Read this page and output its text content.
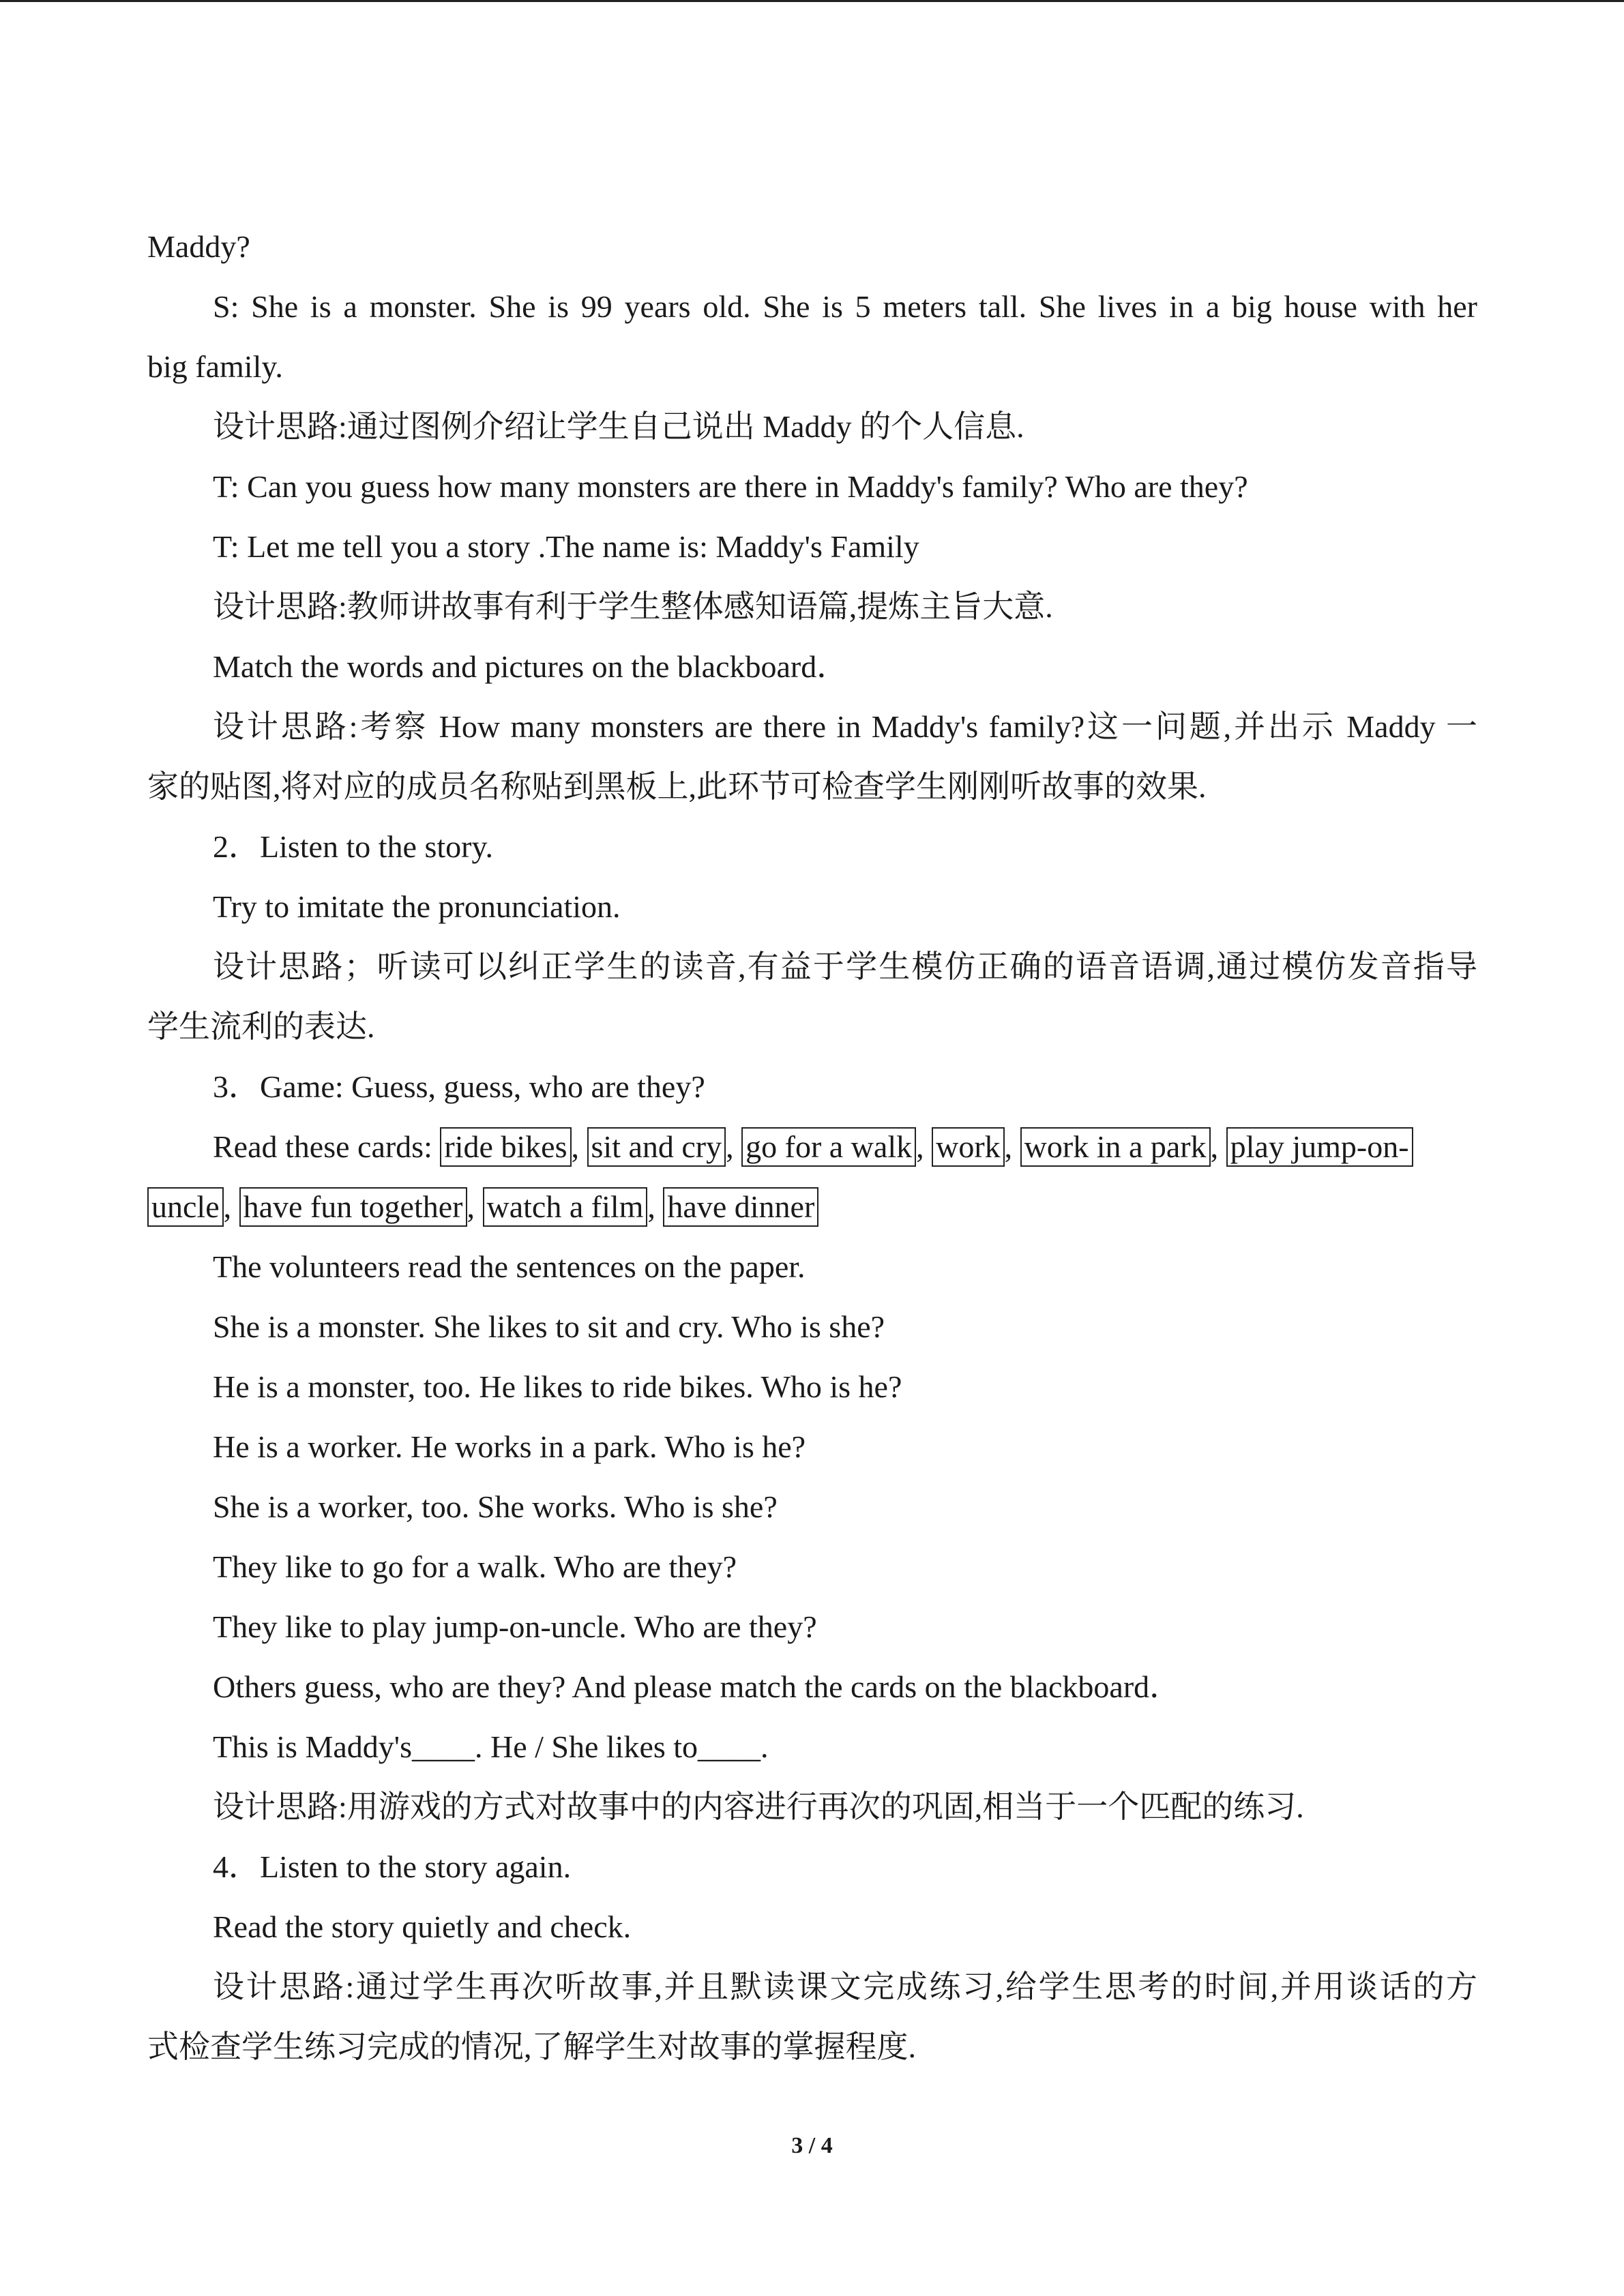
Maddy?
S: She is a monster. She is 99 years old. She is 5 meters tall. She lives in a big house with her
big family.
设计思路:通过图例介绍让学生自己说出 Maddy 的个人信息.
T: Can you guess how many monsters are there in Maddy's family? Who are they?
T: Let me tell you a story .The name is: Maddy's Family
设计思路:教师讲故事有利于学生整体感知语篇,提炼主旨大意.
Match the words and pictures on the blackboard．
设计思路:考察 How many monsters are there in Maddy's family?这一问题,并出示 Maddy 一
家的贴图,将对应的成员名称贴到黑板上,此环节可检查学生刚刚听故事的效果.
2．Listen to the story.
Try to imitate the pronunciation.
设计思路；听读可以纠正学生的读音,有益于学生模仿正确的语音语调,通过模仿发音指导
学生流利的表达.
3．Game: Guess, guess, who are they?
Read these cards: ride bikes , sit and cry , go for a walk , work , work in a park , play jump-on-
uncle , have fun together , watch a film , have dinner
The volunteers read the sentences on the paper.
She is a monster. She likes to sit and cry. Who is she?
He is a monster, too. He likes to ride bikes. Who is he?
He is a worker. He works in a park. Who is he?
She is a worker, too. She works. Who is she?
They like to go for a walk. Who are they?
They like to play jump-on-uncle. Who are they?
Others guess, who are they? And please match the cards on the blackboard．
This is Maddy's____. He / She likes to____.
设计思路:用游戏的方式对故事中的内容进行再次的巩固,相当于一个匹配的练习.
4．Listen to the story again.
Read the story quietly and check.
设计思路:通过学生再次听故事,并且默读课文完成练习,给学生思考的时间,并用谈话的方
式检查学生练习完成的情况,了解学生对故事的掌握程度.
3 / 4
